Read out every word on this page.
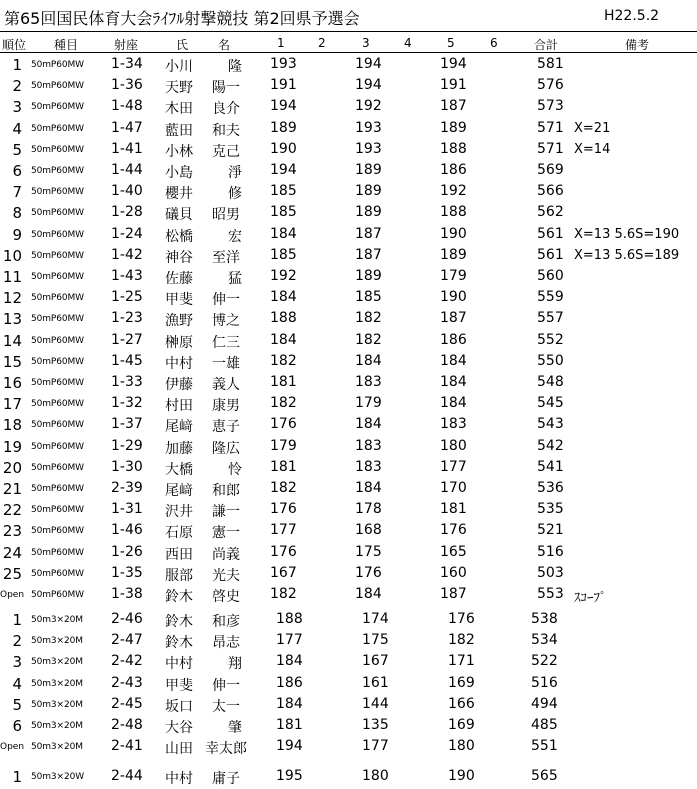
第65回国民体育大会ﾗｲﾌﾙ射撃競技 第2回県予選会	H22.5.2
順位 種目	射座	氏 名	1	2	3	4	5	6	合計	備考
1 50mP60MW 1-34 小川	隆 193	194	194	581
2 50mP60MW 1-36 天野 陽一 191	194	191	576
3 50mP60MW 1-48 木田 良介 194	192	187	573
4 50mP60MW 1-47 藍田 和夫 189	193	189	571 X=21
5 50mP60MW 1-41 小林 克己 190	193	188	571 X=14
6 50mP60MW 1-44 小島	淨 194	189	186	569
7 50mP60MW 1-40 櫻井	修 185	189	192	566
8 50mP60MW 1-28 礒貝 昭男 185	189	188	562
9 50mP60MW 1-24 松橋	宏 184	187	190	561 X=13 5.6S=190
10 50mP60MW 1-42 神谷 至洋 185	187	189	561 X=13 5.6S=189
11 50mP60MW 1-43 佐藤	猛 192	189	179	560
12 50mP60MW 1-25 甲斐 伸一 184	185	190	559
13 50mP60MW 1-23 漁野 博之 188	182	187	557
14 50mP60MW 1-27 榊原 仁三 184	182	186	552
15 50mP60MW 1-45 中村 一雄 182	184	184	550
16 50mP60MW 1-33 伊藤 義人 181	183	184	548
17 50mP60MW 1-32 村田 康男 182	179	184	545
18 50mP60MW 1-37 尾﨑 恵子 176	184	183	543
19 50mP60MW 1-29 加藤 隆広 179	183	180	542
20 50mP60MW 1-30 大橋	怜 181	183	177	541
21 50mP60MW 2-39 尾﨑 和郎 182	184	170	536
22 50mP60MW 1-31 沢井 謙一 176	178	181	535
23 50mP60MW 1-46 石原 憲一 177	168	176	521
24 50mP60MW 1-26 西田 尚義 176	175	165	516
25 50mP60MW 1-35 服部 光夫 167	176	160	503
Open 50mP60MW 1-38 鈴木 啓史 182	184	187	553 ｽｺｰﾌﾟ
1 50m3×20M 2-46 鈴木 和彦	188	174	176	538
2 50m3×20M 2-47 鈴木 昂志	177	175	182	534
3 50m3×20M 2-42 中村	翔 184	167	171	522
4 50m3×20M 2-43 甲斐 伸一	186	161	169	516
5 50m3×20M 2-45 坂口 太一	184	144	166	494
6 50m3×20M 2-48 大谷	肇 181	135	169	485
Open 50m3×20M 2-41 山田 幸太郎 194	177	180	551
1 50m3×20W 2-44 中村 庸子	195	180	190	565
